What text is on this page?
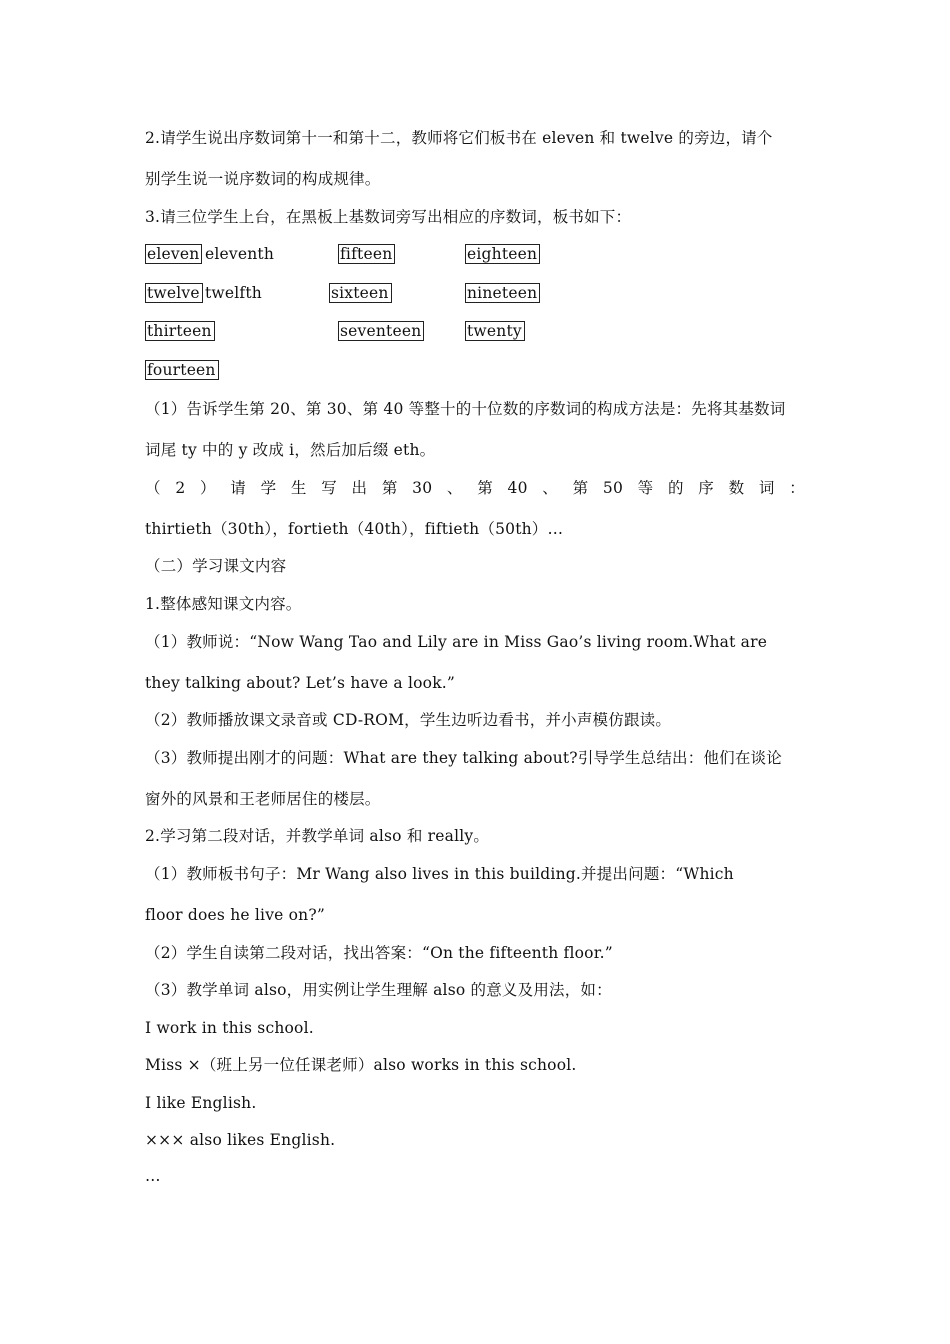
2.请学生说出序数词第十一和第十二，教师将它们板书在 eleven 和 twelve 的旁边，请个
别学生说一说序数词的构成规律。
3.请三位学生上台，在黑板上基数词旁写出相应的序数词，板书如下：
eleven eleventh	fifteen	eighteen
twelve twelfth	sixteen	nineteen
thirteen	seventeen	twenty
fourteen
（1）告诉学生第 20、第 30、第 40 等整十的十位数的序数词的构成方法是：先将其基数词
词尾 ty 中的 y 改成 i，然后加后缀 eth。
（ 2 ） 请 学 生 写 出 第 30 、 第 40 、 第 50 等 的 序 数 词 ：
thirtieth（30th），fortieth（40th），fiftieth（50th）…
（二）学习课文内容
1.整体感知课文内容。
（1）教师说：“Now Wang Tao and Lily are in Miss Gao’s living room.What are
they talking about? Let’s have a look.”
（2）教师播放课文录音或 CD-ROM，学生边听边看书，并小声模仿跟读。
（3）教师提出刚才的问题：What are they talking about?引导学生总结出：他们在谈论
窗外的风景和王老师居住的楼层。
2.学习第二段对话，并教学单词 also 和 really。
（1）教师板书句子：Mr Wang also lives in this building.并提出问题：“Which
floor does he live on?”
（2）学生自读第二段对话，找出答案：“On the fifteenth floor.”
（3）教学单词 also，用实例让学生理解 also 的意义及用法，如：
I work in this school.
Miss ×（班上另一位任课老师）also works in this school.
I like English.
××× also likes English.
…
